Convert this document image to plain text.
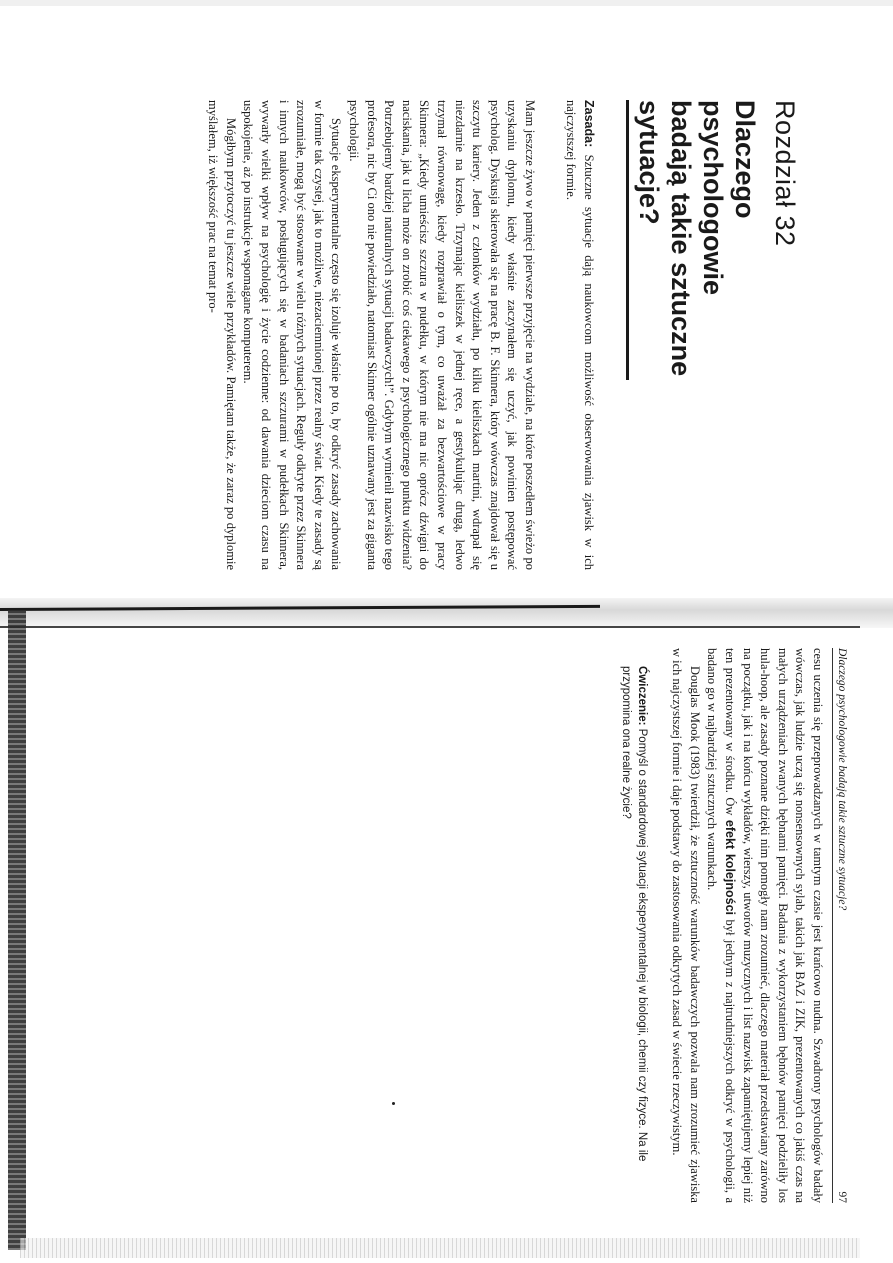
Rozdział 32
Dlaczego psychologowie badają takie sztuczne sytuacje?

Zasada: Sztuczne sytuacje dają naukowcom możliwość obserwowania zjawisk w ich najczystszej formie.

Mam jeszcze żywo w pamięci pierwsze przyjęcie na wydziale, na które poszedłem świeżo po uzyskaniu dyplomu, kiedy właśnie zaczynałem się uczyć, jak powinien postępować psycholog. Dyskusja skierowała się na pracę B. F. Skinnera, który wówczas znajdował się u szczytu kariery. Jeden z członków wydziału, po kilku kieliszkach martini, wdrapał się niezdarnie na krzesło. Trzymając kieliszek w jednej ręce, a gestykulując drugą, ledwo trzymał równowagę, kiedy rozprawiał o tym, co uważał za bezwartościowe w pracy Skinnera: „Kiedy umieścisz szczura w pudełku, w którym nie ma nic oprócz dźwigni do naciskania, jak u licha może on zrobić coś ciekawego z psychologicznego punktu widzenia? Potrzebujemy bardziej naturalnych sytuacji badawczych!”. Gdybym wymienił nazwisko tego profesora, nic by Ci ono nie powiedziało, natomiast Skinner ogólnie uznawany jest za giganta psychologii.

Sytuacje eksperymentalne często się izoluje właśnie po to, by odkryć zasady zachowania w formie tak czystej, jak to możliwe, niezaciemnionej przez realny świat. Kiedy te zasady są zrozumiałe, mogą być stosowane w wielu różnych sytuacjach. Reguły odkryte przez Skinnera i innych naukowców, posługujących się w badaniach szczurami w pudełkach Skinnera, wywarły wielki wpływ na psychologię i życie codzienne: od dawania dzieciom czasu na uspokojenie, aż po instrukcje wspomagane komputerem.

Mógłbym przytoczyć tu jeszcze wiele przykładów. Pamiętam także, że zaraz po dyplomie myślałem, iż większość prac na temat pro-

Dlaczego psychologowie badają takie sztuczne sytuacje?
97

cesu uczenia się przeprowadzanych w tamtym czasie jest krańcowo nudna. Szwadrony psychologów badały wówczas, jak ludzie uczą się nonsensownych sylab, takich jak BAZ i ZIK, prezentowanych co jakiś czas na małych urządzeniach zwanych bębnami pamięci. Badania z wykorzystaniem bębnów pamięci podzieliły los hula-hoop, ale zasady poznane dzięki nim pomogły nam zrozumieć, dlaczego materiał przedstawiany zarówno na początku, jak i na końcu wykładów, wierszy, utworów muzycznych i list nazwisk zapamiętujemy lepiej niż ten prezentowany w środku. Ów efekt kolejności był jednym z najtrudniejszych odkryć w psychologii, a badano go w najbardziej sztucznych warunkach.

Douglas Mook (1983) twierdził, że sztuczność warunków badawczych pozwala nam zrozumieć zjawiska w ich najczystszej formie i daje podstawy do zastosowania odkrytych zasad w świecie rzeczywistym.

Ćwiczenie: Pomyśl o standardowej sytuacji eksperymentalnej w biologii, chemii czy fizyce. Na ile przypomina ona realne życie?
